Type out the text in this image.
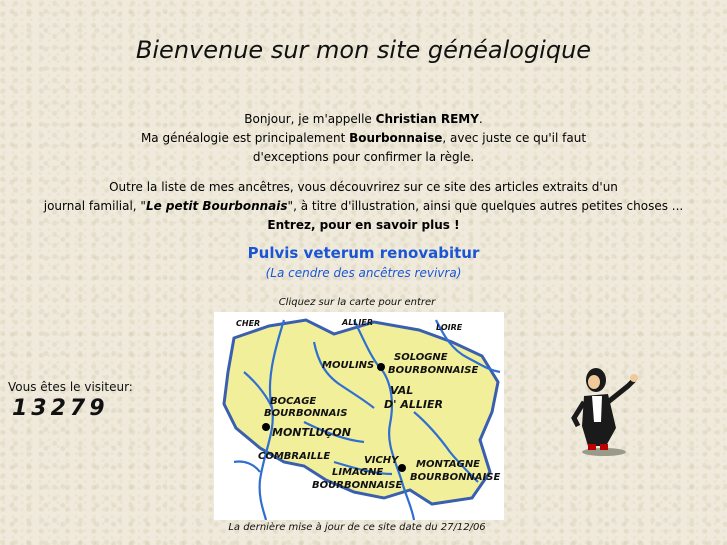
Bienvenue sur mon site généalogique
Bonjour, je m'appelle Christian REMY.
Ma généalogie est principalement Bourbonnaise, avec juste ce qu'il faut
d'exceptions pour confirmer la règle.
Outre la liste de mes ancêtres, vous découvrirez sur ce site des articles extraits d'un
journal familial, "Le petit Bourbonnais", à titre d'illustration, ainsi que quelques autres petites choses ...
Entrez, pour en savoir plus !
Pulvis veterum renovabitur
(La cendre des ancêtres revivra)
Cliquez sur la carte pour entrer
CHER	ALLIER
LOIRE
MOULINS
SOLOGNE
BOURBONNAISE
VAL
D' ALLIER
BOCAGE
BOURBONNAIS
MONTLUÇON
COMBRAILLE	VICHY
LIMAGNE
BOURBONNAISE
MONTAGNE
BOURBONNAISE
Vous êtes le visiteur:
13279
La dernière mise à jour de ce site date du 27/12/06
